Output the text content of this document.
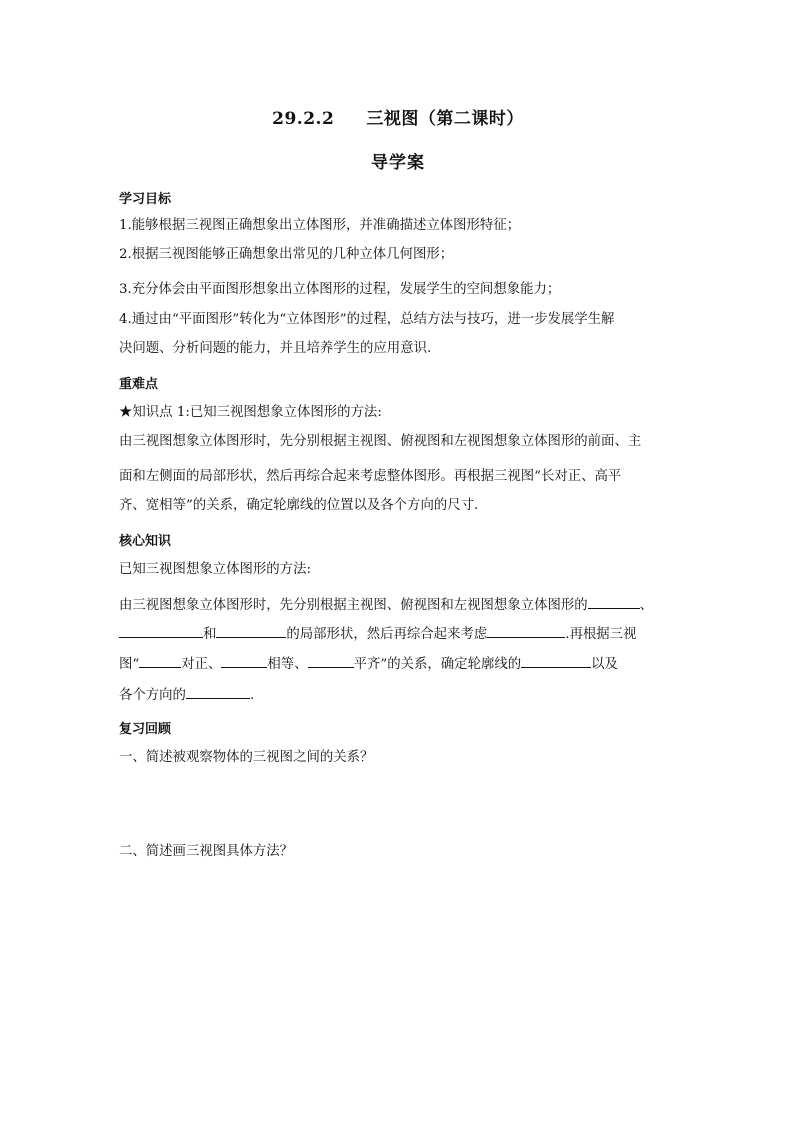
29.2.2     三视图（第二课时）
导学案
学习目标
1.能够根据三视图正确想象出立体图形，并准确描述立体图形特征；
2.根据三视图能够正确想象出常见的几种立体几何图形；
3.充分体会由平面图形想象出立体图形的过程，发展学生的空间想象能力；
4.通过由“平面图形”转化为“立体图形”的过程，总结方法与技巧，进一步发展学生解
决问题、分析问题的能力，并且培养学生的应用意识.
重难点
★知识点 1:已知三视图想象立体图形的方法:
由三视图想象立体图形时，先分别根据主视图、俯视图和左视图想象立体图形的前面、主
面和左侧面的局部形状，然后再综合起来考虑整体图形。再根据三视图“长对正、高平
齐、宽相等”的关系，确定轮廓线的位置以及各个方向的尺寸.
核心知识
已知三视图想象立体图形的方法:
由三视图想象立体图形时，先分别根据主视图、俯视图和左视图想象立体图形的	、
和	的局部形状，然后再综合起来考虑	.再根据三视
图“	对正、	相等、	平齐”的关系，确定轮廓线的	以及
各个方向的	.
复习回顾
一、简述被观察物体的三视图之间的关系？
二、简述画三视图具体方法？
